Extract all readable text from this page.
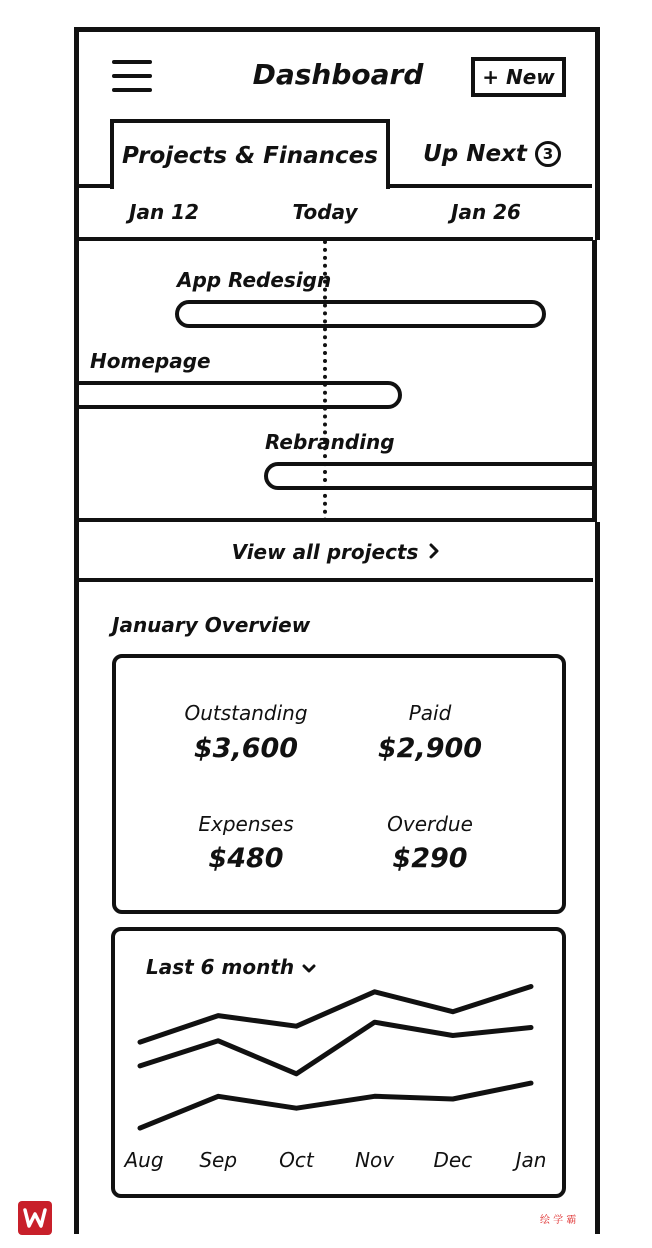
Dashboard	+ New
Projects & Finances Up Next	3
Jan 12	Today	Jan 26
App Redesign
Homepage
Rebranding
View all projects
January Overview
Outstanding
$3,600
Paid
$2,900
Expenses
$480
Overdue
$290
Last 6 month
Aug	Sep	Oct	Nov	Dec	Jan
绘 学 霸
